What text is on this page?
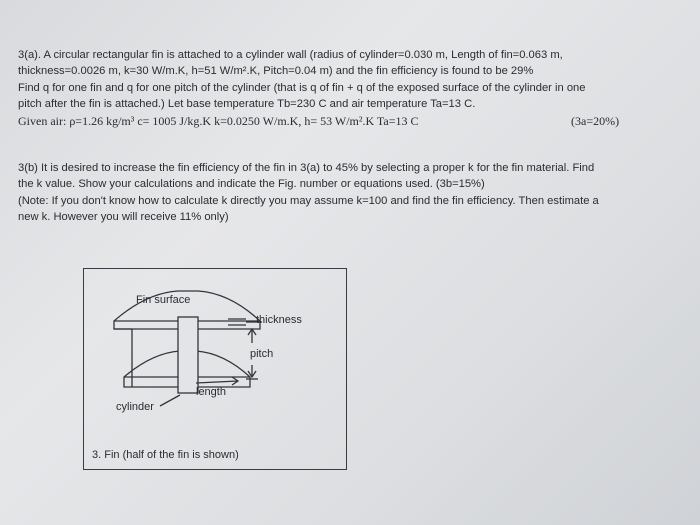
3(a). A circular rectangular fin is attached to a cylinder wall (radius of cylinder=0.030 m, Length of fin=0.063 m,
thickness=0.0026 m, k=30 W/m.K, h=51 W/m².K, Pitch=0.04 m) and the fin efficiency is found to be 29%
Find q for one fin and q for one pitch of the cylinder (that is q of fin + q of the exposed surface of the cylinder in one
pitch after the fin is attached.) Let base temperature Tb=230 C and air temperature Ta=13 C.
Given air: ρ=1.26 kg/m³ c= 1005 J/kg.K k=0.0250 W/m.K, h= 53 W/m².K Ta=13 C	(3a=20%)
3(b) It is desired to increase the fin efficiency of the fin in 3(a) to 45% by selecting a proper k for the fin material. Find
the k value. Show your calculations and indicate the Fig. number or equations used. (3b=15%)
(Note: If you don't know how to calculate k directly you may assume k=100 and find the fin efficiency. Then estimate a
new k. However you will receive 11% only)
Fin surface
thickness
pitch
length
cylinder
3. Fin (half of the fin is shown)
